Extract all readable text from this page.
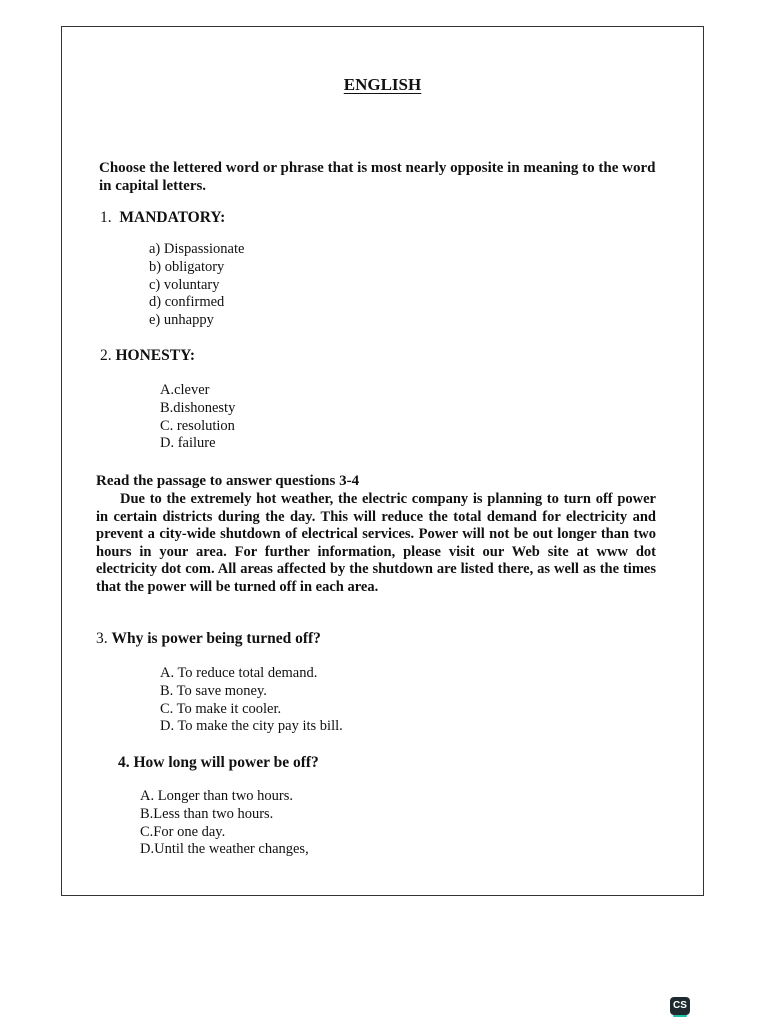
ENGLISH
Choose the lettered word or phrase that is most nearly opposite in meaning to the word in capital letters.
1. MANDATORY:
a) Dispassionate
b) obligatory
c) voluntary
d) confirmed
e) unhappy
2. HONESTY:
A.clever
B.dishonesty
C. resolution
D. failure
Read the passage to answer questions 3-4
Due to the extremely hot weather, the electric company is planning to turn off power in certain districts during the day. This will reduce the total demand for electricity and prevent a city-wide shutdown of electrical services. Power will not be out longer than two hours in your area. For further information, please visit our Web site at www dot electricity dot com. All areas affected by the shutdown are listed there, as well as the times that the power will be turned off in each area.
3. Why is power being turned off?
A. To reduce total demand.
B. To save money.
C. To make it cooler.
D. To make the city pay its bill.
4. How long will power be off?
A. Longer than two hours.
B.Less than two hours.
C.For one day.
D.Until the weather changes,
CS
